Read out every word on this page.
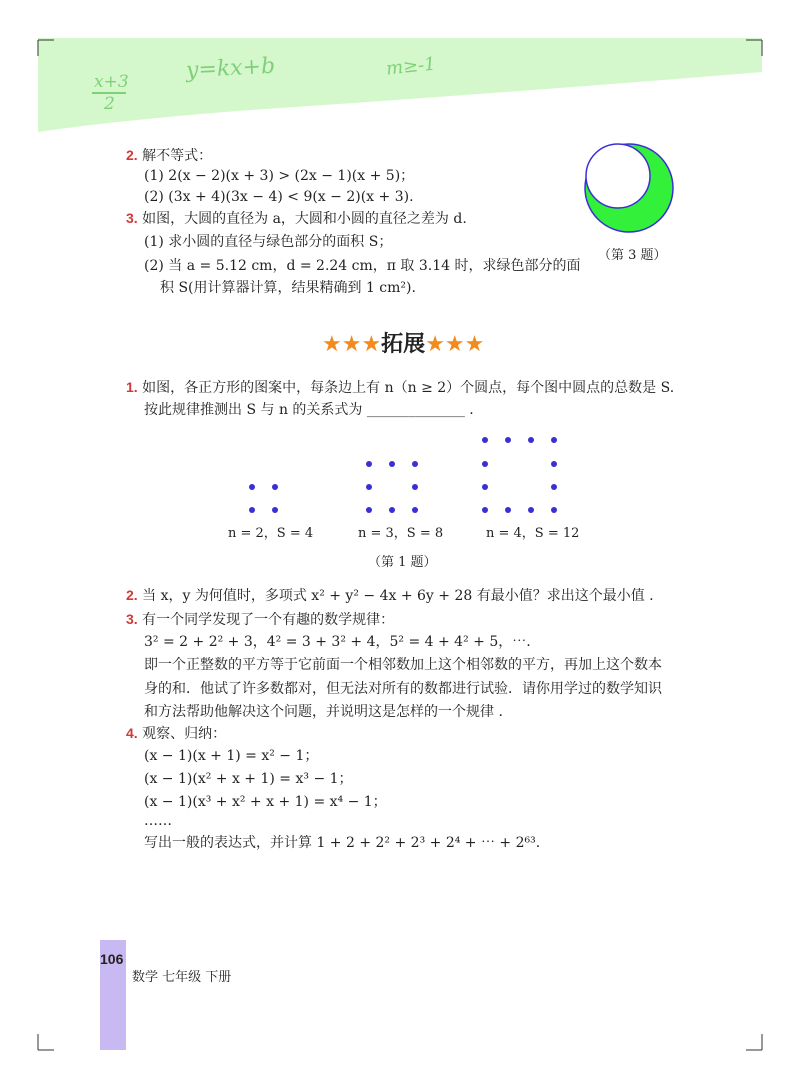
x+3
2
y=kx+b	m≥-1
2. 解不等式：
(1) 2(x − 2)(x + 3) > (2x − 1)(x + 5)；
(2) (3x + 4)(3x − 4) < 9(x − 2)(x + 3).
3. 如图，大圆的直径为 a，大圆和小圆的直径之差为 d.
(1) 求小圆的直径与绿色部分的面积 S；
(2) 当 a = 5.12 cm，d = 2.24 cm，π 取 3.14 时，求绿色部分的面
积 S(用计算器计算，结果精确到 1 cm²).
（第 3 题）
★★★拓展★★★
1. 如图，各正方形的图案中，每条边上有 n（n ≥ 2）个圆点，每个图中圆点的总数是 S.
按此规律推测出 S 与 n 的关系式为 ______________ .
n = 2，S = 4	n = 3，S = 8	n = 4，S = 12
（第 1 题）
2. 当 x，y 为何值时，多项式 x² + y² − 4x + 6y + 28 有最小值？求出这个最小值 .
3. 有一个同学发现了一个有趣的数学规律：
3² = 2 + 2² + 3，4² = 3 + 3² + 4，5² = 4 + 4² + 5，⋯.
即一个正整数的平方等于它前面一个相邻数加上这个相邻数的平方，再加上这个数本
身的和．他试了许多数都对，但无法对所有的数都进行试验．请你用学过的数学知识
和方法帮助他解决这个问题，并说明这是怎样的一个规律 .
4. 观察、归纳：
(x − 1)(x + 1) = x² − 1；
(x − 1)(x² + x + 1) = x³ − 1；
(x − 1)(x³ + x² + x + 1) = x⁴ − 1；
……
写出一般的表达式，并计算 1 + 2 + 2² + 2³ + 2⁴ + ⋯ + 2⁶³.
106
数学 七年级 下册
